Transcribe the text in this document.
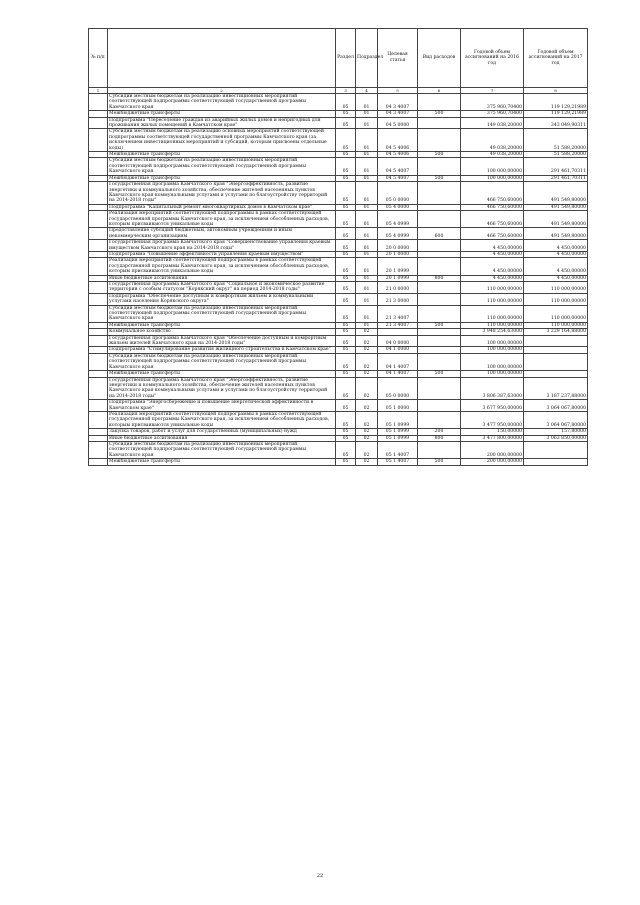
№ п/п		Раздел	Подраздел	Целевая статья	Вид расходов	Годовой объем ассигнований на 2016 год	Годовой объем ассигнований на 2017 год
1	2	3	4	5	6	7	8
	Субсидии местным бюджетам на реализацию инвестиционных мероприятий соответствующей подпрограммы соответствующей государственной программы Камчатского края	05	01	04 3 4007		375 960,70400	119 129,21989
	Межбюджетные трансферты	05	01	04 3 4007	500	375 960,70400	119 129,21989
	Подпрограмма "Переселение граждан из аварийных жилых домов и непригодных для проживания жилых помещений в Камчатском крае"	05	01	04 5 0000		149 038,20000	343 049,90311
	Субсидии местным бюджетам на реализацию основных мероприятий соответствующей подпрограммы соответствующей государственной программы Камчатского края (за исключением инвестиционных мероприятий и субсидий, которым присвоены отдельные коды)	05	01	04 5 4006		49 038,20000	51 588,20000
	Межбюджетные трансферты	05	01	04 5 4006	500	49 038,20000	51 588,20000
	Субсидии местным бюджетам на реализацию инвестиционных мероприятий соответствующей подпрограммы соответствующей государственной программы Камчатского края	05	01	04 5 4007		100 000,00000	291 461,70311
	Межбюджетные трансферты	05	01	04 5 4007	500	100 000,00000	291 461,70311
	Государственная программа Камчатского края "Энергоэффективность, развитие энергетики и коммунального хозяйства, обеспечение жителей населенных пунктов Камчатского края коммунальными услугами и услугами по благоустройству территорий на 2014-2018 годы"	05	01	05 0 0000		466 750,60000	491 549,80000
	Подпрограмма "Капитальный ремонт многоквартирных домов в Камчатском крае"	05	01	05 4 0000		466 750,60000	491 549,80000
	Реализация мероприятий соответствующей подпрограммы в рамках соответствующей государственной программы Камчатского края, за исключением обособленных расходов, которым присваиваются уникальные коды	05	01	05 4 0999		466 750,60000	491 549,80000
	Предоставление субсидий бюджетным, автономным учреждениям и иным некоммерческим организациям	05	01	05 4 0999	600	466 750,60000	491 549,80000
	Государственная программа Камчатского края "Совершенствование управления краевым имуществом Камчатского края на 2014-2018 годы"	05	01	20 0 0000		4 450,00000	4 450,00000
	Подпрограмма "Повышение эффективности управления краевым имуществом"	05	01	20 1 0000		4 450,00000	4 450,00000
	Реализация мероприятий соответствующей подпрограммы в рамках соответствующей государственной программы Камчатского края, за исключением обособленных расходов, которым присваиваются уникальные коды	05	01	20 1 0999		4 450,00000	4 450,00000
	Иные бюджетные ассигнования	05	01	20 1 0999	800	4 450,00000	4 450,00000
	Государственная программа Камчатского края "Социальное и экономическое развитие территории с особым статусом "Корякский округ" на период 2014-2018 годы"	05	01	21 0 0000		110 000,00000	110 000,00000
	Подпрограмма "Обеспечение доступным и комфортным жильем и коммунальными услугами населения Корякского округа"	05	01	21 3 0000		110 000,00000	110 000,00000
	Субсидии местным бюджетам на реализацию инвестиционных мероприятий соответствующей подпрограммы соответствующей государственной программы Камчатского края	05	01	21 3 4007		110 000,00000	110 000,00000
	Межбюджетные трансферты	05	01	21 3 4007	500	110 000,00000	110 000,00000
	Коммунальное хозяйство	05	02			3 948 254,63000	3 229 164,88000
	Государственная программа Камчатского края "Обеспечение доступным и комфортным жильем жителей Камчатского края на 2014-2018 годы"	05	02	04 0 0000		100 000,00000	
	Подпрограмма "Стимулирование развития жилищного строительства в Камчатском крае"	05	02	04 1 0000		100 000,00000	
	Субсидии местным бюджетам на реализацию инвестиционных мероприятий соответствующей подпрограммы соответствующей государственной программы Камчатского края	05	02	04 1 4007		100 000,00000	
	Межбюджетные трансферты	05	02	04 1 4007	500	100 000,00000	
	Государственная программа Камчатского края "Энергоэффективность, развитие энергетики и коммунального хозяйства, обеспечение жителей населенных пунктов Камчатского края коммунальными услугами и услугами по благоустройству территорий на 2014-2018 годы"	05	02	05 0 0000		3 806 387,63000	3 187 237,88000
	Подпрограмма "Энергосбережение и повышение энергетической эффективности в Камчатском крае"	05	02	05 1 0000		3 677 950,00000	3 064 067,80000
	Реализация мероприятий соответствующей подпрограммы в рамках соответствующей государственной программы Камчатского края, за исключением обособленных расходов, которым присваиваются уникальные коды	05	02	05 1 0999		3 477 950,00000	3 064 067,80000
	Закупка товаров, работ и услуг для государственных (муниципальных) нужд	05	02	05 1 0999	200	150,00000	157,80000
	Иные бюджетные ассигнования	05	02	05 1 0999	800	3 477 800,00000	3 063 850,00000
	Субсидии местным бюджетам на реализацию инвестиционных мероприятий соответствующей подпрограммы соответствующей государственной программы Камчатского края	05	02	05 1 4007		200 000,00000	
	Межбюджетные трансферты	05	02	05 1 4007	500	200 000,00000	
22
